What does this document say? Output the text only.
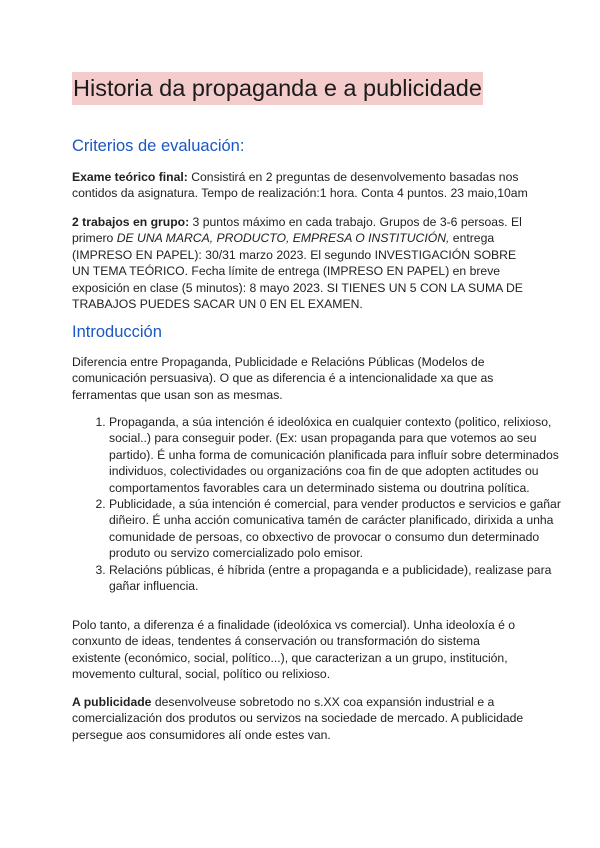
Historia da propaganda e a publicidade
Criterios de evaluación:
Exame teórico final: Consistirá en 2 preguntas de desenvolvemento basadas nos contidos da asignatura. Tempo de realización:1 hora. Conta 4 puntos. 23 maio,10am
2 trabajos en grupo: 3 puntos máximo en cada trabajo. Grupos de 3-6 persoas. El primero DE UNA MARCA, PRODUCTO, EMPRESA O INSTITUCIÓN, entrega (IMPRESO EN PAPEL): 30/31 marzo 2023. El segundo INVESTIGACIÓN SOBRE UN TEMA TEÓRICO. Fecha límite de entrega (IMPRESO EN PAPEL) en breve exposición en clase (5 minutos): 8 mayo 2023. SI TIENES UN 5 CON LA SUMA DE TRABAJOS PUEDES SACAR UN 0 EN EL EXAMEN.
Introducción
Diferencia entre Propaganda, Publicidade e Relacións Públicas (Modelos de comunicación persuasiva). O que as diferencia é a intencionalidade xa que as ferramentas que usan son as mesmas.
1. Propaganda, a súa intención é ideolóxica en cualquier contexto (politico, relixioso, social..) para conseguir poder. (Ex: usan propaganda para que votemos ao seu partido). É unha forma de comunicación planificada para influír sobre determinados individuos, colectividades ou organizacións coa fin de que adopten actitudes ou comportamentos favorables cara un determinado sistema ou doutrina política.
2. Publicidade, a súa intención é comercial, para vender productos e servicios e gañar diñeiro. É unha acción comunicativa tamén de carácter planificado, dirixida a unha comunidade de persoas, co obxectivo de provocar o consumo dun determinado produto ou servizo comercializado polo emisor.
3. Relacións públicas, é híbrida (entre a propaganda e a publicidade), realizase para gañar influencia.
Polo tanto, a diferenza é a finalidade (ideolóxica vs comercial). Unha ideoloxía é o conxunto de ideas, tendentes á conservación ou transformación do sistema existente (económico, social, político...), que caracterizan a un grupo, institución, movemento cultural, social, político ou relixioso.
A publicidade desenvolveuse sobretodo no s.XX coa expansión industrial e a comercialización dos produtos ou servizos na sociedade de mercado. A publicidade persegue aos consumidores alí onde estes van.
